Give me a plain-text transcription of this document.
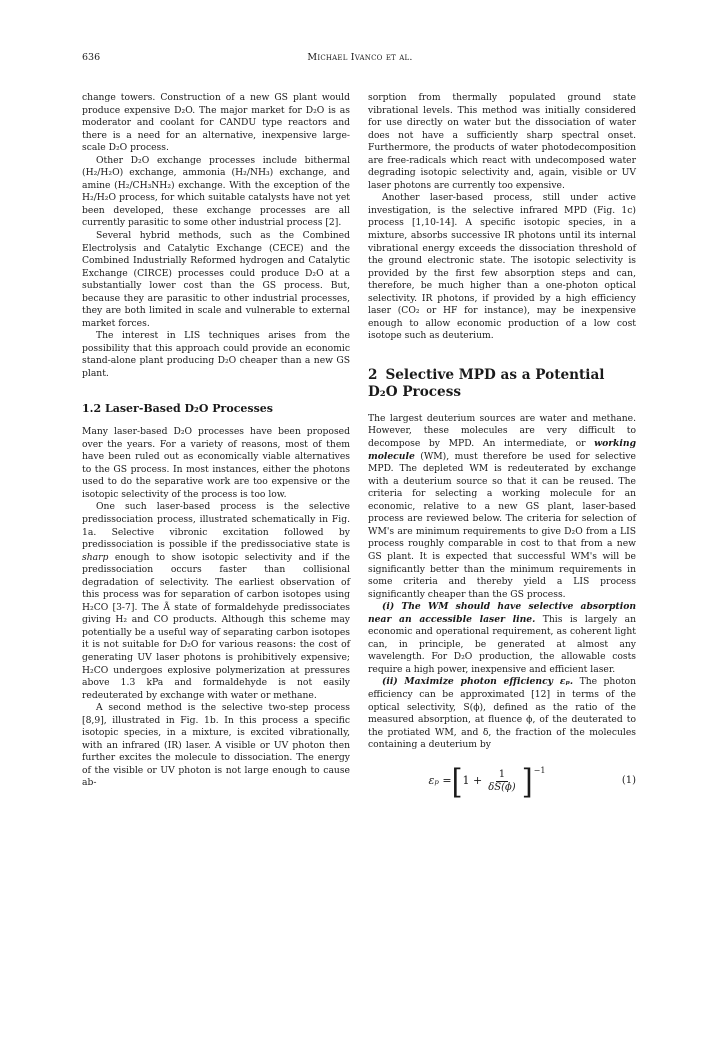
636	Michael Ivanco et al.

change towers. Construction of a new GS plant would produce expensive D₂O. The major market for D₂O is as moderator and coolant for CANDU type reactors and there is a need for an alternative, inexpensive large-scale D₂O process.

Other D₂O exchange processes include bithermal (H₂/H₂O) exchange, ammonia (H₂/NH₃) exchange, and amine (H₂/CH₃NH₂) exchange. With the exception of the H₂/H₂O process, for which suitable catalysts have not yet been developed, these exchange processes are all currently parasitic to some other industrial process [2].

Several hybrid methods, such as the Combined Electrolysis and Catalytic Exchange (CECE) and the Combined Industrially Reformed hydrogen and Catalytic Exchange (CIRCE) processes could produce D₂O at a substantially lower cost than the GS process. But, because they are parasitic to other industrial processes, they are both limited in scale and vulnerable to external market forces.

The interest in LIS techniques arises from the possibility that this approach could provide an economic stand-alone plant producing D₂O cheaper than a new GS plant.

1.2 Laser-Based D₂O Processes

Many laser-based D₂O processes have been proposed over the years. For a variety of reasons, most of them have been ruled out as economically viable alternatives to the GS process. In most instances, either the photons used to do the separative work are too expensive or the isotopic selectivity of the process is too low.

One such laser-based process is the selective predissociation process, illustrated schematically in Fig. 1a. Selective vibronic excitation followed by predissociation is possible if the predissociative state is sharp enough to show isotopic selectivity and if the predissociation occurs faster than collisional degradation of selectivity. The earliest observation of this process was for separation of carbon isotopes using H₂CO [3-7]. The Ã state of formaldehyde predissociates giving H₂ and CO products. Although this scheme may potentially be a useful way of separating carbon isotopes it is not suitable for D₂O for various reasons: the cost of generating UV laser photons is prohibitively expensive; H₂CO undergoes explosive polymerization at pressures above 1.3 kPa and formaldehyde is not easily redeuterated by exchange with water or methane.

A second method is the selective two-step process [8,9], illustrated in Fig. 1b. In this process a specific isotopic species, in a mixture, is excited vibrationally, with an infrared (IR) laser. A visible or UV photon then further excites the molecule to dissociation. The energy of the visible or UV photon is not large enough to cause ab-

sorption from thermally populated ground state vibrational levels. This method was initially considered for use directly on water but the dissociation of water does not have a sufficiently sharp spectral onset. Furthermore, the products of water photodecomposition are free-radicals which react with undecomposed water degrading isotopic selectivity and, again, visible or UV laser photons are currently too expensive.

Another laser-based process, still under active investigation, is the selective infrared MPD (Fig. 1c) process [1,10-14]. A specific isotopic species, in a mixture, absorbs successive IR photons until its internal vibrational energy exceeds the dissociation threshold of the ground electronic state. The isotopic selectivity is provided by the first few absorption steps and can, therefore, be much higher than a one-photon optical selectivity. IR photons, if provided by a high efficiency laser (CO₂ or HF for instance), may be inexpensive enough to allow economic production of a low cost isotope such as deuterium.

2 Selective MPD as a Potential
D₂O Process

The largest deuterium sources are water and methane. However, these molecules are very difficult to decompose by MPD. An intermediate, or working molecule (WM), must therefore be used for selective MPD. The depleted WM is redeuterated by exchange with a deuterium source so that it can be reused. The criteria for selecting a working molecule for an economic, relative to a new GS plant, laser-based process are reviewed below. The criteria for selection of WM's are minimum requirements to give D₂O from a LIS process roughly comparable in cost to that from a new GS plant. It is expected that successful WM's will be significantly better than the minimum requirements in some criteria and thereby yield a LIS process significantly cheaper than the GS process.

(i) The WM should have selective absorption near an accessible laser line. This is largely an economic and operational requirement, as coherent light can, in principle, be generated at almost any wavelength. For D₂O production, the allowable costs require a high power, inexpensive and efficient laser.

(ii) Maximize photon efficiency εₚ. The photon efficiency can be approximated [12] in terms of the optical selectivity, S(ϕ), defined as the ratio of the measured absorption, at fluence ϕ, of the deuterated to the protiated WM, and δ, the fraction of the molecules containing a deuterium by

εₚ = [ $1 + \frac{1}{\delta S(\phi)}$ ] −1
(1)
